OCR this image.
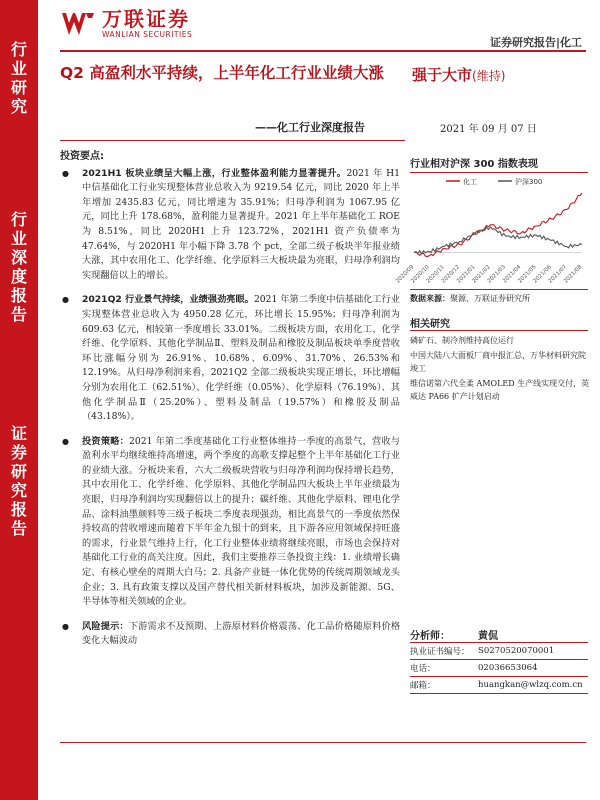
行
业
研
究
行
业
深
度
报
告
证
券
研
究
报
告
万联证券
WANLIAN SECURITIES
证券研究报告|化工
Q2 高盈利水平持续，上半年化工行业业绩大涨
——化工行业深度报告
强于大市(维持)
2021 年 09 月 07 日
投资要点:
● 2021H1 板块业绩呈大幅上涨，行业整体盈利能力显著提升。2021 年 H1 中信基础化工行业实现整体营业总收入为 9219.54 亿元，同比 2020 年上半年增加 2435.83 亿元，同比增速为 35.91%；归母净利润为 1067.95 亿元，同比上升 178.68%，盈利能力显著提升。2021 年上半年基础化工 ROE 为 8.51%，同比 2020H1 上升 123.72%，2021H1 资产负债率为 47.64%，与 2020H1 年小幅下降 3.78 个 pct，全部二级子板块半年报业绩大涨，其中农用化工、化学纤维、化学原料三大板块最为亮眼，归母净利润均实现翻倍以上的增长。
● 2021Q2 行业景气持续，业绩强劲亮眼。2021 年第二季度中信基础化工行业实现整体营业总收入为 4950.28 亿元，环比增长 15.95%；归母净利润为 609.63 亿元，相较第一季度增长 33.01%。二级板块方面，农用化工、化学纤维、化学原料、其他化学制品Ⅱ、塑料及制品和橡胶及制品板块单季度营收环比涨幅分别为 26.91%、10.68%、6.09%、31.70%、26.53%和 12.19%。从归母净利润来看，2021Q2 全部二级板块实现正增长，环比增幅分别为农用化工（62.51%）、化学纤维（0.05%）、化学原料（76.19%）、其他化学制品Ⅱ（25.20%）、塑料及制品（19.57%）和橡胶及制品（43.18%）。
● 投资策略：2021 年第二季度基础化工行业整体维持一季度的高景气，营收与盈利水平均继续维持高增速，两个季度的高歌支撑起整个上半年基础化工行业的业绩大涨。分板块来看，六大二级板块营收与归母净利润均保持增长趋势，其中农用化工、化学纤维、化学原料、其他化学制品四大板块上半年业绩最为亮眼，归母净利润均实现翻倍以上的提升；碳纤维、其他化学原料、锂电化学品、涂料油墨颜料等三级子板块二季度表现强劲，相比高景气的一季度依然保持较高的营收增速而随着下半年金九银十的到来，且下游各应用领域保持旺盛的需求，行业景气维持上行，化工行业整体业绩将继续亮眼，市场也会保持对基础化工行业的高关注度。因此，我们主要推荐三条投资主线：1. 业绩增长确定、有核心壁垒的周期大白马；2. 具备产业链一体化优势的传统周期领域龙头企业；3. 具有政策支撑以及国产替代相关新材料板块，加涉及新能源、5G、半导体等相关领域的企业。
● 风险提示：下游需求不及预期、上游原材料价格震荡、化工品价格随原料价格变化大幅波动
行业相对沪深 300 指数表现
化工	沪深300
2020/09
2020/10
2020/11
2020/12
2021/01
2021/02
2021/03
2021/04
2021/05
2021/06
2021/07
2021/08
数据来源：聚源、万联证券研究所
相关研究
磷矿石、制冷剂维持高位运行
中国大陆八大面板厂商中报汇总，万华材料研究院竣工
维信诺第六代全柔 AMOLED 生产线实现交付，英威达 PA66 扩产计划启动
分析师：	黄侃
执业证书编号： S0270520070001
电话：	02036653064
邮箱：	huangkan@wlzq.com.cn
